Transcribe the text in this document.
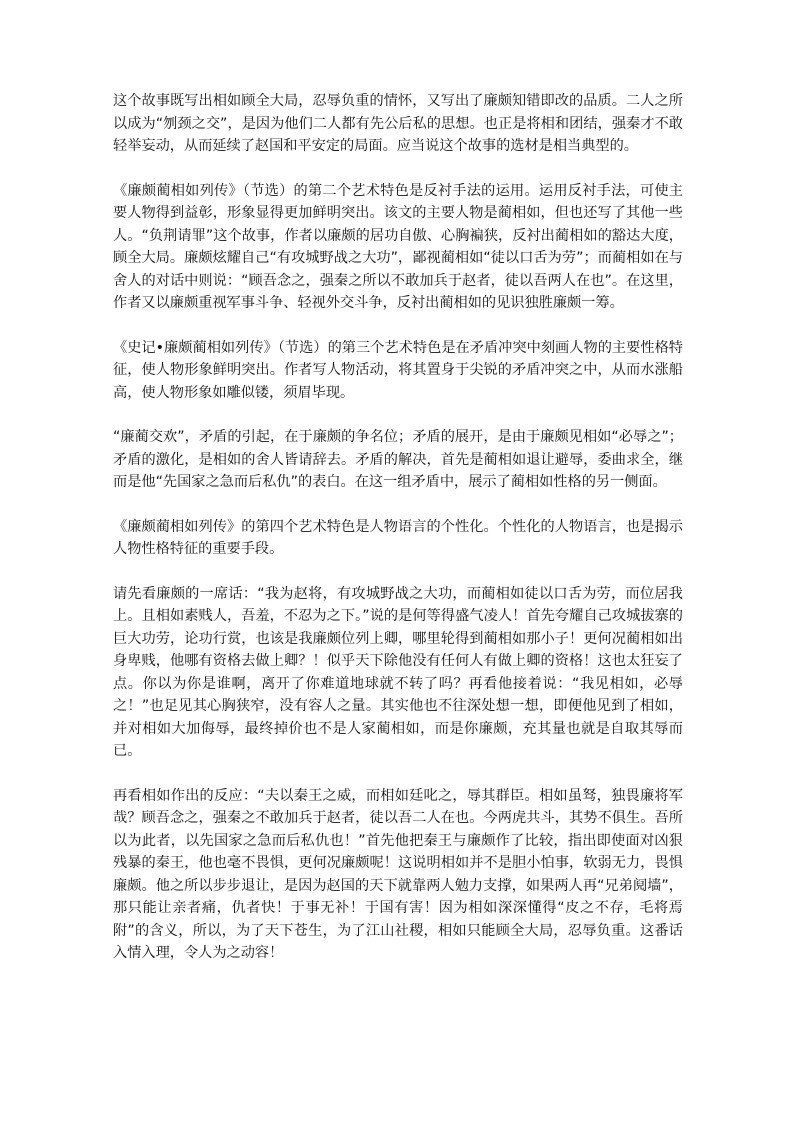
这个故事既写出相如顾全大局，忍辱负重的情怀，又写出了廉颇知错即改的品质。二人之所以成为“刎颈之交”，是因为他们二人都有先公后私的思想。也正是将相和团结，强秦才不敢轻举妄动，从而延续了赵国和平安定的局面。应当说这个故事的选材是相当典型的。

《廉颇蔺相如列传》（节选）的第二个艺术特色是反衬手法的运用。运用反衬手法，可使主要人物得到益彰，形象显得更加鲜明突出。该文的主要人物是蔺相如，但也还写了其他一些人。“负荆请罪”这个故事，作者以廉颇的居功自傲、心胸褊狭，反衬出蔺相如的豁达大度，顾全大局。廉颇炫耀自己“有攻城野战之大功”，鄙视蔺相如“徒以口舌为劳”；而蔺相如在与舍人的对话中则说：“顾吾念之，强秦之所以不敢加兵于赵者，徒以吾两人在也”。在这里，作者又以廉颇重视军事斗争、轻视外交斗争，反衬出蔺相如的见识独胜廉颇一筹。

《史记•廉颇蔺相如列传》（节选）的第三个艺术特色是在矛盾冲突中刻画人物的主要性格特征，使人物形象鲜明突出。作者写人物活动，将其置身于尖锐的矛盾冲突之中，从而水涨船高，使人物形象如雕似镂，须眉毕现。

“廉蔺交欢”，矛盾的引起，在于廉颇的争名位；矛盾的展开，是由于廉颇见相如“必辱之”；矛盾的激化，是相如的舍人皆请辞去。矛盾的解决，首先是蔺相如退让避辱，委曲求全，继而是他“先国家之急而后私仇”的表白。在这一组矛盾中，展示了蔺相如性格的另一侧面。

《廉颇蔺相如列传》的第四个艺术特色是人物语言的个性化。个性化的人物语言，也是揭示人物性格特征的重要手段。

请先看廉颇的一席话：“我为赵将，有攻城野战之大功，而蔺相如徒以口舌为劳，而位居我上。且相如素贱人，吾羞，不忍为之下。”说的是何等得盛气凌人！首先夸耀自己攻城拔寨的巨大功劳，论功行赏，也该是我廉颇位列上卿，哪里轮得到蔺相如那小子！更何况蔺相如出身卑贱，他哪有资格去做上卿？！似乎天下除他没有任何人有做上卿的资格！这也太狂妄了点。你以为你是谁啊，离开了你难道地球就不转了吗？再看他接着说：“我见相如，必辱之！”也足见其心胸狭窄，没有容人之量。其实他也不往深处想一想，即便他见到了相如，并对相如大加侮辱，最终掉价也不是人家蔺相如，而是你廉颇，充其量也就是自取其辱而已。

再看相如作出的反应：“夫以秦王之威，而相如廷叱之，辱其群臣。相如虽驽，独畏廉将军哉？顾吾念之，强秦之不敢加兵于赵者，徒以吾二人在也。今两虎共斗，其势不俱生。吾所以为此者，以先国家之急而后私仇也！”首先他把秦王与廉颇作了比较，指出即使面对凶狠残暴的秦王，他也毫不畏惧，更何况廉颇呢！这说明相如并不是胆小怕事，软弱无力，畏惧廉颇。他之所以步步退让，是因为赵国的天下就靠两人勉力支撑，如果两人再“兄弟阋墙”，那只能让亲者痛，仇者快！于事无补！于国有害！因为相如深深懂得“皮之不存，毛将焉附”的含义，所以，为了天下苍生，为了江山社稷，相如只能顾全大局，忍辱负重。这番话入情入理，令人为之动容！
